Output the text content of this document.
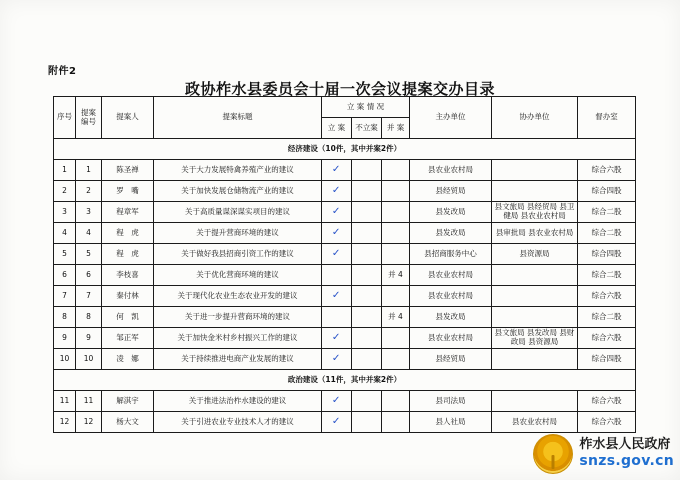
附件2
政协柞水县委员会十届一次会议提案交办目录
序号	提案编号	提案人	提案标题	立 案 情 况			主办单位	协办单位	督办室
				立 案	不立案	并 案			
经济建设（10件，其中并案2件）									
1	1	陈圣禅	关于大力发展特禽养殖产业的建议	✓			县农业农村局		综合六股
2	2	罗　嘴	关于加快发展仓储物流产业的建议	✓			县经贸局		综合四股
3	3	程章军	关于高质量谋深谋实项目的建议	✓			县发改局	县文旅局 县经贸局 县卫健局 县农业农村局	综合二股
4	4	程　虎	关于提升营商环境的建议	✓			县发改局	县审批局 县农业农村局	综合二股
5	5	程　虎	关于做好我县招商引资工作的建议	✓			县招商服务中心	县资源局	综合四股
6	6	李枝喜	关于优化营商环境的建议			并 4	县农业农村局		综合二股
7	7	秦付林	关于现代化农业生态农业开发的建议	✓			县农业农村局		综合六股
8	8	何　凯	关于进一步提升营商环境的建议			并 4	县发改局		综合二股
9	9	邹正军	关于加快金米村乡村振兴工作的建议	✓			县农业农村局	县文旅局 县发改局 县财政局 县资源局	综合六股
10	10	凌　娜	关于持续推进电商产业发展的建议	✓			县经贸局		综合四股
政治建设（11件，其中并案2件）									
11	11	解淇宇	关于推进法治柞水建设的建议	✓			县司法局		综合六股
12	12	杨大文	关于引进农业专业技术人才的建议	✓			县人社局	县农业农村局	综合六股
柞水县人民政府
snzs.gov.cn
